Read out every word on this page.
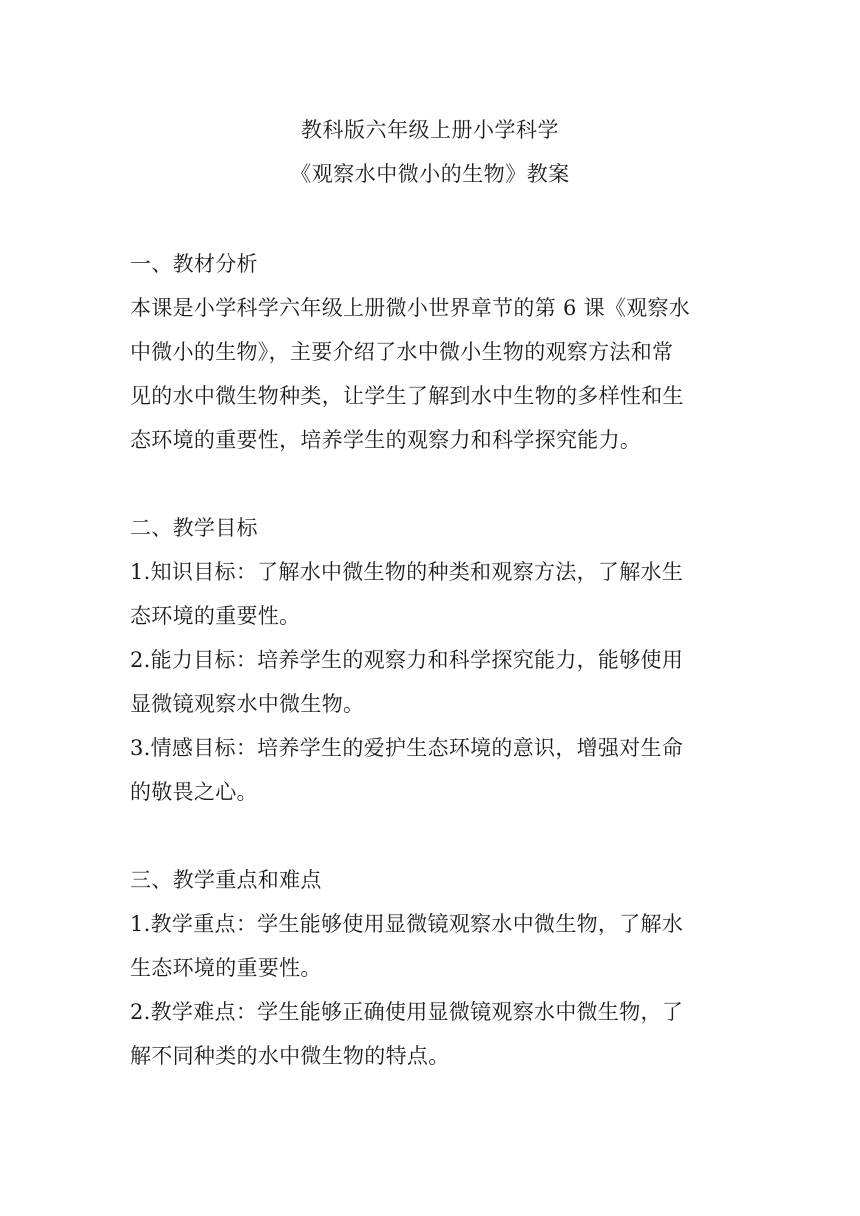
教科版六年级上册小学科学
《观察水中微小的生物》教案
一、教材分析
本课是小学科学六年级上册微小世界章节的第 6 课《观察水
中微小的生物》，主要介绍了水中微小生物的观察方法和常
见的水中微生物种类，让学生了解到水中生物的多样性和生
态环境的重要性，培养学生的观察力和科学探究能力。
二、教学目标
1.知识目标：了解水中微生物的种类和观察方法，了解水生
态环境的重要性。
2.能力目标：培养学生的观察力和科学探究能力，能够使用
显微镜观察水中微生物。
3.情感目标：培养学生的爱护生态环境的意识，增强对生命
的敬畏之心。
三、教学重点和难点
1.教学重点：学生能够使用显微镜观察水中微生物，了解水
生态环境的重要性。
2.教学难点：学生能够正确使用显微镜观察水中微生物，了
解不同种类的水中微生物的特点。
